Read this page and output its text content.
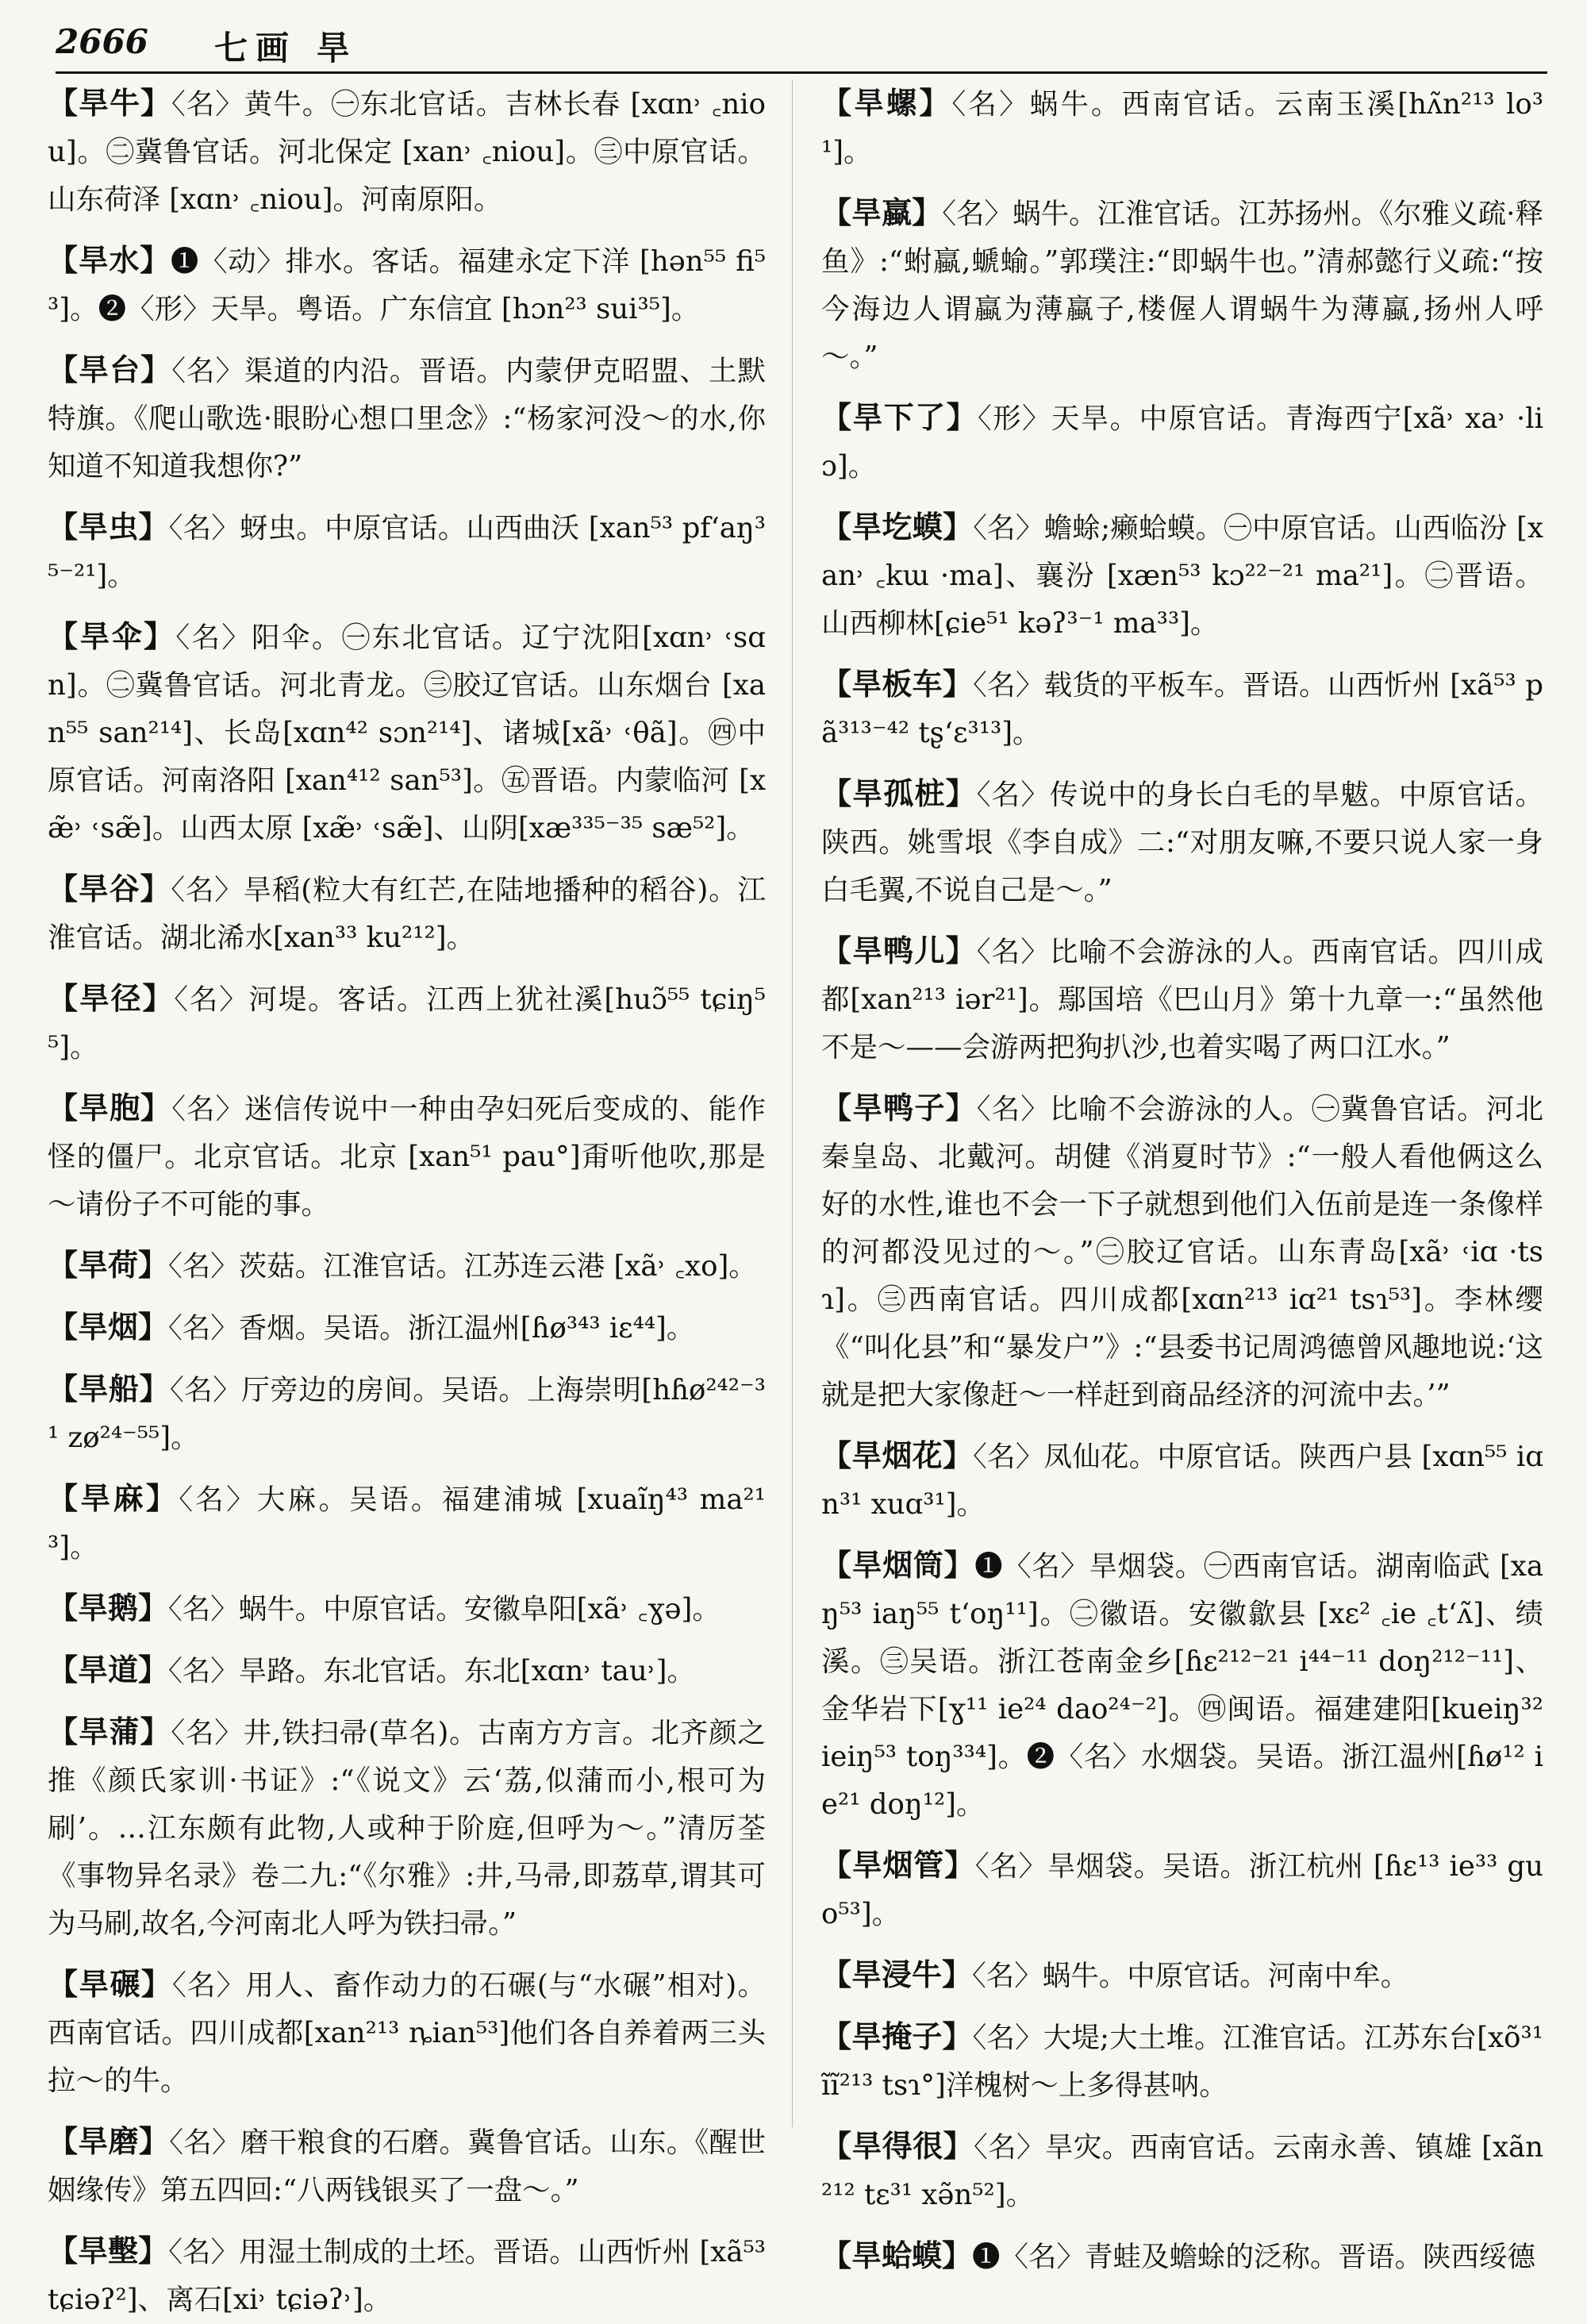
2666 七画 旱

【旱牛】〈名〉黄牛。㊀东北官话。吉林长春 [xɑn˒ ꜀niou]。㊁冀鲁官话。河北保定 [xan˒ ꜀niou]。㊂中原官话。山东荷泽 [xɑn˒ ꜀niou]。河南原阳。

【旱水】❶〈动〉排水。客话。福建永定下洋 [hən⁵⁵ fi⁵³]。❷〈形〉天旱。粤语。广东信宜 [hɔn²³ sui³⁵]。

【旱台】〈名〉渠道的内沿。晋语。内蒙伊克昭盟、土默特旗。《爬山歌选·眼盼心想口里念》:“杨家河没～的水,你知道不知道我想你?”

【旱虫】〈名〉蚜虫。中原官话。山西曲沃 [xan⁵³ pfʻaŋ³⁵⁻²¹]。

【旱伞】〈名〉阳伞。㊀东北官话。辽宁沈阳[xɑn˒ ˓sɑn]。㊁冀鲁官话。河北青龙。㊂胶辽官话。山东烟台 [xan⁵⁵ san²¹⁴]、长岛[xɑn⁴² sɔn²¹⁴]、诸城[xã˒ ˓θã]。㊃中原官话。河南洛阳 [xan⁴¹² san⁵³]。㊄晋语。内蒙临河 [xæ̃˒ ˓sæ̃]。山西太原 [xæ̃˒ ˓sæ̃]、山阴[xæ³³⁵⁻³⁵ sæ⁵²]。

【旱谷】〈名〉旱稻(粒大有红芒,在陆地播种的稻谷)。江淮官话。湖北浠水[xan³³ ku²¹²]。

【旱径】〈名〉河堤。客话。江西上犹社溪[huɔ̃⁵⁵ tɕiŋ⁵⁵]。

【旱胞】〈名〉迷信传说中一种由孕妇死后变成的、能作怪的僵尸。北京官话。北京 [xan⁵¹ pau°]甭听他吹,那是～请份子不可能的事。

【旱荷】〈名〉茨菇。江淮官话。江苏连云港 [xã˒ ꜀xo]。

【旱烟】〈名〉香烟。吴语。浙江温州[ɦø³⁴³ iɛ⁴⁴]。

【旱船】〈名〉厅旁边的房间。吴语。上海崇明[hɦø²⁴²⁻³¹ zø²⁴⁻⁵⁵]。

【旱麻】〈名〉大麻。吴语。福建浦城 [xuaĩŋ⁴³ ma²¹³]。

【旱鹅】〈名〉蜗牛。中原官话。安徽阜阳[xã˒ ꜀ɣə]。

【旱道】〈名〉旱路。东北官话。东北[xɑn˒ tau˒]。

【旱蒲】〈名〉井,铁扫帚(草名)。古南方方言。北齐颜之推《颜氏家训·书证》:“《说文》云‘荔,似蒲而小,根可为刷’。…江东颇有此物,人或种于阶庭,但呼为～。”清厉荃《事物异名录》卷二九:“《尔雅》:井,马帚,即荔草,谓其可为马刷,故名,今河南北人呼为铁扫帚。”

【旱碾】〈名〉用人、畜作动力的石碾(与“水碾”相对)。西南官话。四川成都[xan²¹³ ȵian⁵³]他们各自养着两三头拉～的牛。

【旱磨】〈名〉磨干粮食的石磨。冀鲁官话。山东。《醒世姻缘传》第五四回:“八两钱银买了一盘～。”

【旱墼】〈名〉用湿土制成的土坯。晋语。山西忻州 [xã⁵³ tɕiəʔ²]、离石[xi˒ tɕiəʔ˒]。

【旱螺】〈名〉蜗牛。西南官话。云南玉溪[hʌ̃n²¹³ lo³¹]。

【旱蠃】〈名〉蜗牛。江淮官话。江苏扬州。《尔雅义疏·释鱼》:“蚹蠃,螔蝓。”郭璞注:“即蜗牛也。”清郝懿行义疏:“按今海边人谓蠃为薄蠃子,楼偓人谓蜗牛为薄蠃,扬州人呼～。”

【旱下了】〈形〉天旱。中原官话。青海西宁[xã˒ xa˒ ·liɔ]。

【旱圪蟆】〈名〉蟾蜍;癞蛤蟆。㊀中原官话。山西临汾 [xan˒ ꜀kɯ ·ma]、襄汾 [xæn⁵³ kɔ²²⁻²¹ ma²¹]。㊁晋语。山西柳林[ɕie⁵¹ kəʔ³⁻¹ ma³³]。

【旱板车】〈名〉载货的平板车。晋语。山西忻州 [xã⁵³ pã³¹³⁻⁴² tʂʻɛ³¹³]。

【旱孤桩】〈名〉传说中的身长白毛的旱魃。中原官话。陕西。姚雪垠《李自成》二:“对朋友嘛,不要只说人家一身白毛翼,不说自己是～。”

【旱鸭儿】〈名〉比喻不会游泳的人。西南官话。四川成都[xan²¹³ iər²¹]。鄢国培《巴山月》第十九章一:“虽然他不是～——会游两把狗扒沙,也着实喝了两口江水。”

【旱鸭子】〈名〉比喻不会游泳的人。㊀冀鲁官话。河北秦皇岛、北戴河。胡健《消夏时节》:“一般人看他俩这么好的水性,谁也不会一下子就想到他们入伍前是连一条像样的河都没见过的～。”㊁胶辽官话。山东青岛[xã˒ ˓iɑ ·tsɿ]。㊂西南官话。四川成都[xɑn²¹³ iɑ²¹ tsɿ⁵³]。李林缨《“叫化县”和“暴发户”》:“县委书记周鸿德曾风趣地说:‘这就是把大家像赶～一样赶到商品经济的河流中去。’”

【旱烟花】〈名〉凤仙花。中原官话。陕西户县 [xɑn⁵⁵ iɑn³¹ xuɑ³¹]。

【旱烟筒】❶〈名〉旱烟袋。㊀西南官话。湖南临武 [xaŋ⁵³ iaŋ⁵⁵ tʻoŋ¹¹]。㊁徽语。安徽歙县 [xɛ² ꜀ie ꜀tʻʌ̃]、绩溪。㊂吴语。浙江苍南金乡[ɦɛ²¹²⁻²¹ i⁴⁴⁻¹¹ doŋ²¹²⁻¹¹]、金华岩下[ɣ¹¹ ie²⁴ dao²⁴⁻²]。㊃闽语。福建建阳[kueiŋ³² ieiŋ⁵³ toŋ³³⁴]。❷〈名〉水烟袋。吴语。浙江温州[ɦø¹² ie²¹ doŋ¹²]。

【旱烟管】〈名〉旱烟袋。吴语。浙江杭州 [ɦɛ¹³ ie³³ guo⁵³]。

【旱浸牛】〈名〉蜗牛。中原官话。河南中牟。

【旱掩子】〈名〉大堤;大土堆。江淮官话。江苏东台[xõ³¹ ĩĩ²¹³ tsɿ°]洋槐树～上多得甚呐。

【旱得很】〈名〉旱灾。西南官话。云南永善、镇雄 [xãn²¹² tɛ³¹ xə̃n⁵²]。

【旱蛤蟆】❶〈名〉青蛙及蟾蜍的泛称。晋语。陕西绥德
